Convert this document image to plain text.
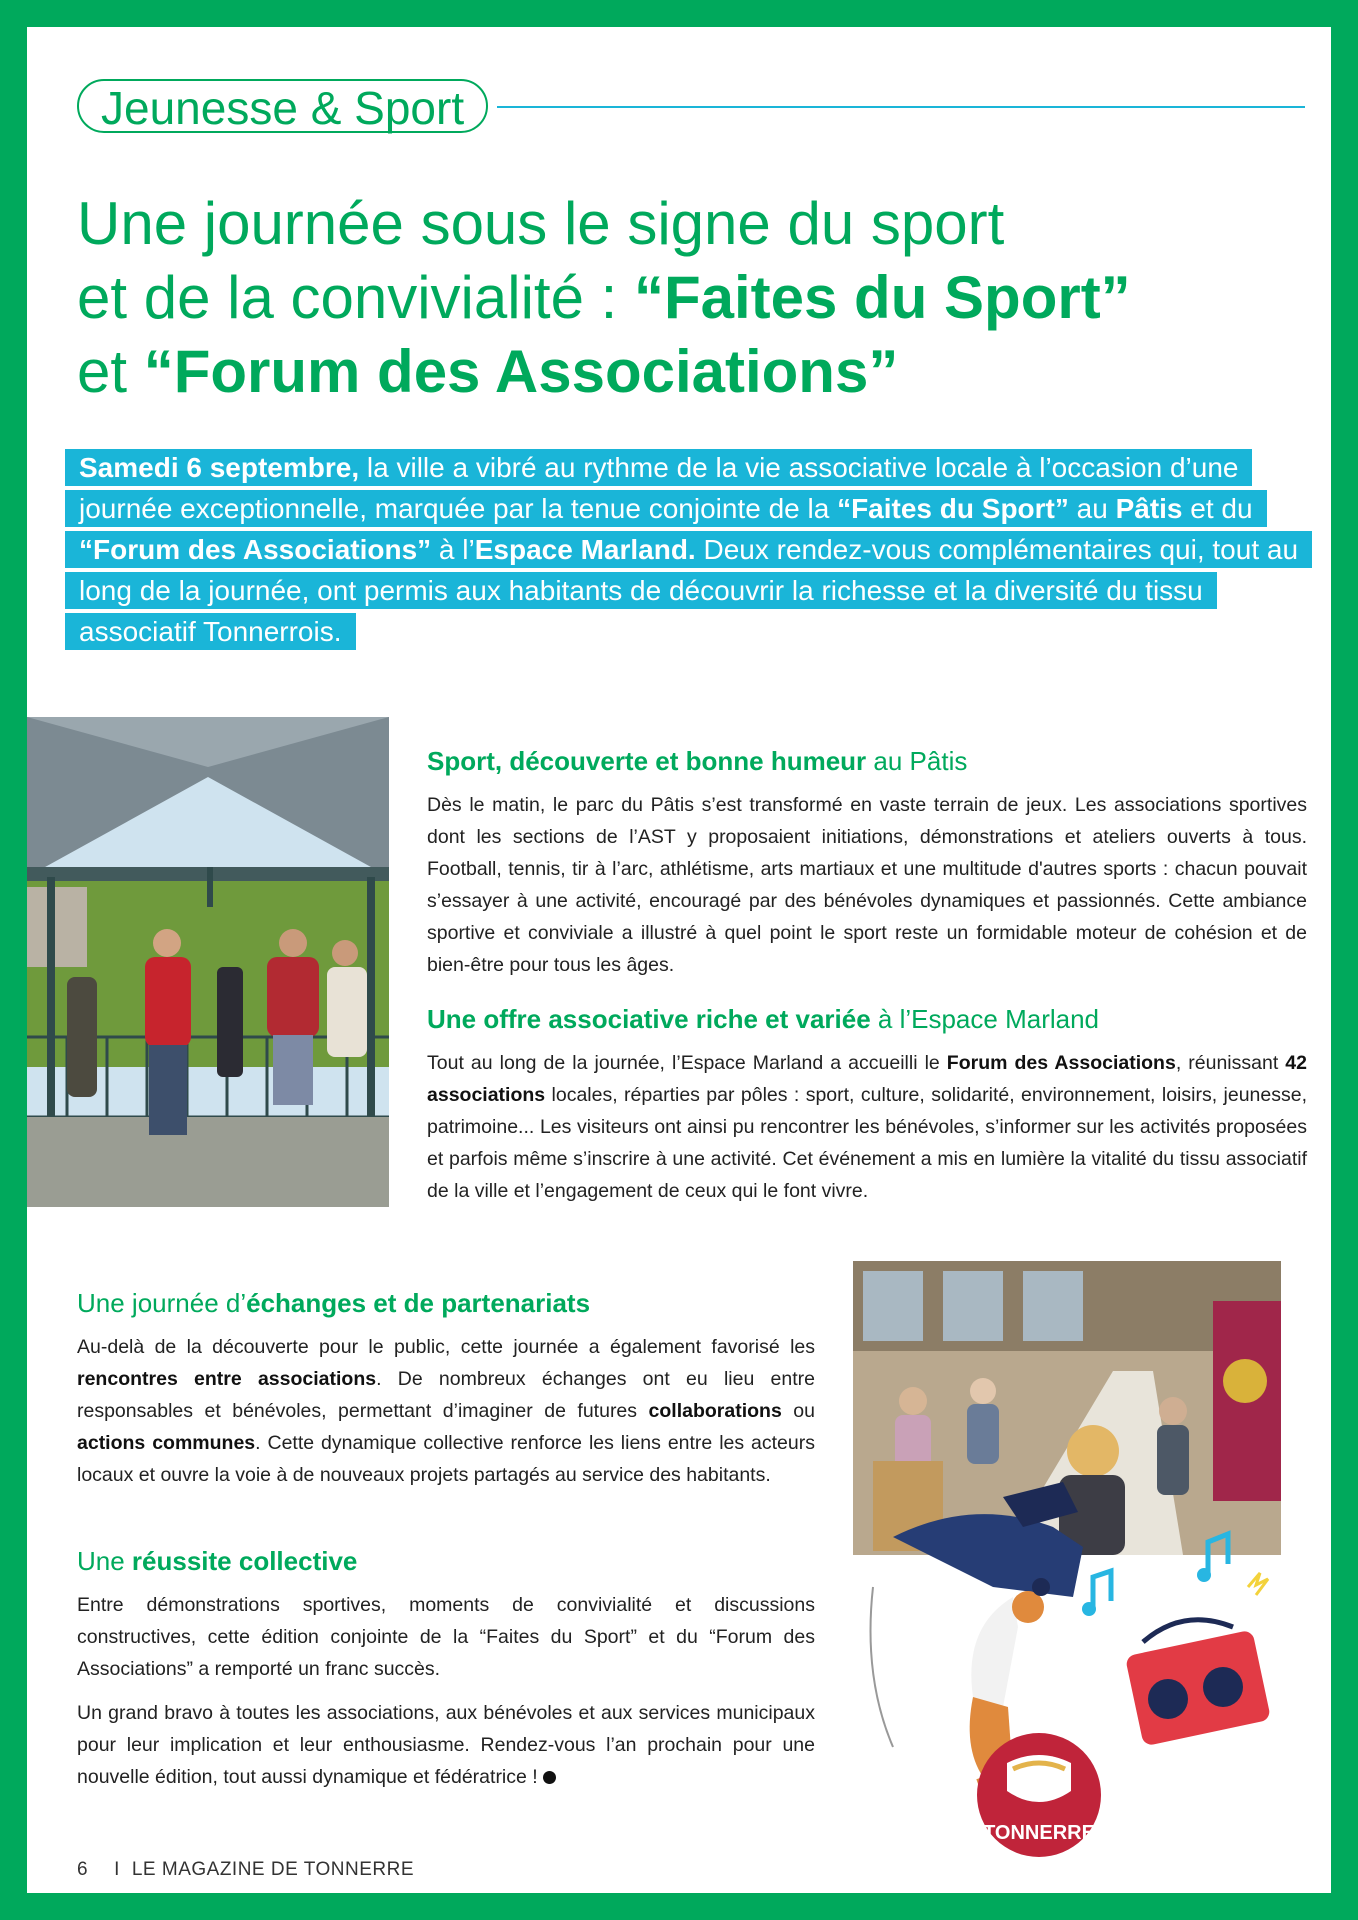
Jeunesse & Sport
Une journée sous le signe du sport
et de la convivialité : “Faites du Sport”
et “Forum des Associations”
Samedi 6 septembre, la ville a vibré au rythme de la vie associative locale à l’occasion d’une journée exceptionnelle, marquée par la tenue conjointe de la “Faites du Sport” au Pâtis et du “Forum des Associations” à l’Espace Marland. Deux rendez-vous complémentaires qui, tout au long de la journée, ont permis aux habitants de découvrir la richesse et la diversité du tissu associatif Tonnerrois.
Sport, découverte et bonne humeur au Pâtis

Dès le matin, le parc du Pâtis s’est transformé en vaste terrain de jeux. Les associations sportives dont les sections de l’AST y proposaient initiations, démonstrations et ateliers ouverts à tous. Football, tennis, tir à l’arc, athlétisme, arts martiaux et une multitude d'autres sports : chacun pouvait s’essayer à une activité, encouragé par des bénévoles dynamiques et passionnés. Cette ambiance sportive et conviviale a illustré à quel point le sport reste un formidable moteur de cohésion et de bien-être pour tous les âges.

Une offre associative riche et variée à l’Espace Marland

Tout au long de la journée, l’Espace Marland a accueilli le Forum des Associations, réunissant 42 associations locales, réparties par pôles : sport, culture, solidarité, environnement, loisirs, jeunesse, patrimoine... Les visiteurs ont ainsi pu rencontrer les bénévoles, s’informer sur les activités proposées et parfois même s’inscrire à une activité. Cet événement a mis en lumière la vitalité du tissu associatif de la ville et l’engagement de ceux qui le font vivre.

Une journée d’échanges et de partenariats

Au-delà de la découverte pour le public, cette journée a également favorisé les rencontres entre associations. De nombreux échanges ont eu lieu entre responsables et bénévoles, permettant d’imaginer de futures collaborations ou actions communes. Cette dynamique collective renforce les liens entre les acteurs locaux et ouvre la voie à de nouveaux projets partagés au service des habitants.

Une réussite collective

Entre démonstrations sportives, moments de convivialité et discussions constructives, cette édition conjointe de la “Faites du Sport” et du “Forum des Associations” a remporté un franc succès.

Un grand bravo à toutes les associations, aux bénévoles et aux services municipaux pour leur implication et leur enthousiasme. Rendez-vous l’an prochain pour une nouvelle édition, tout aussi dynamique et fédératrice !

TONNERRE
6 I LE MAGAZINE DE TONNERRE
